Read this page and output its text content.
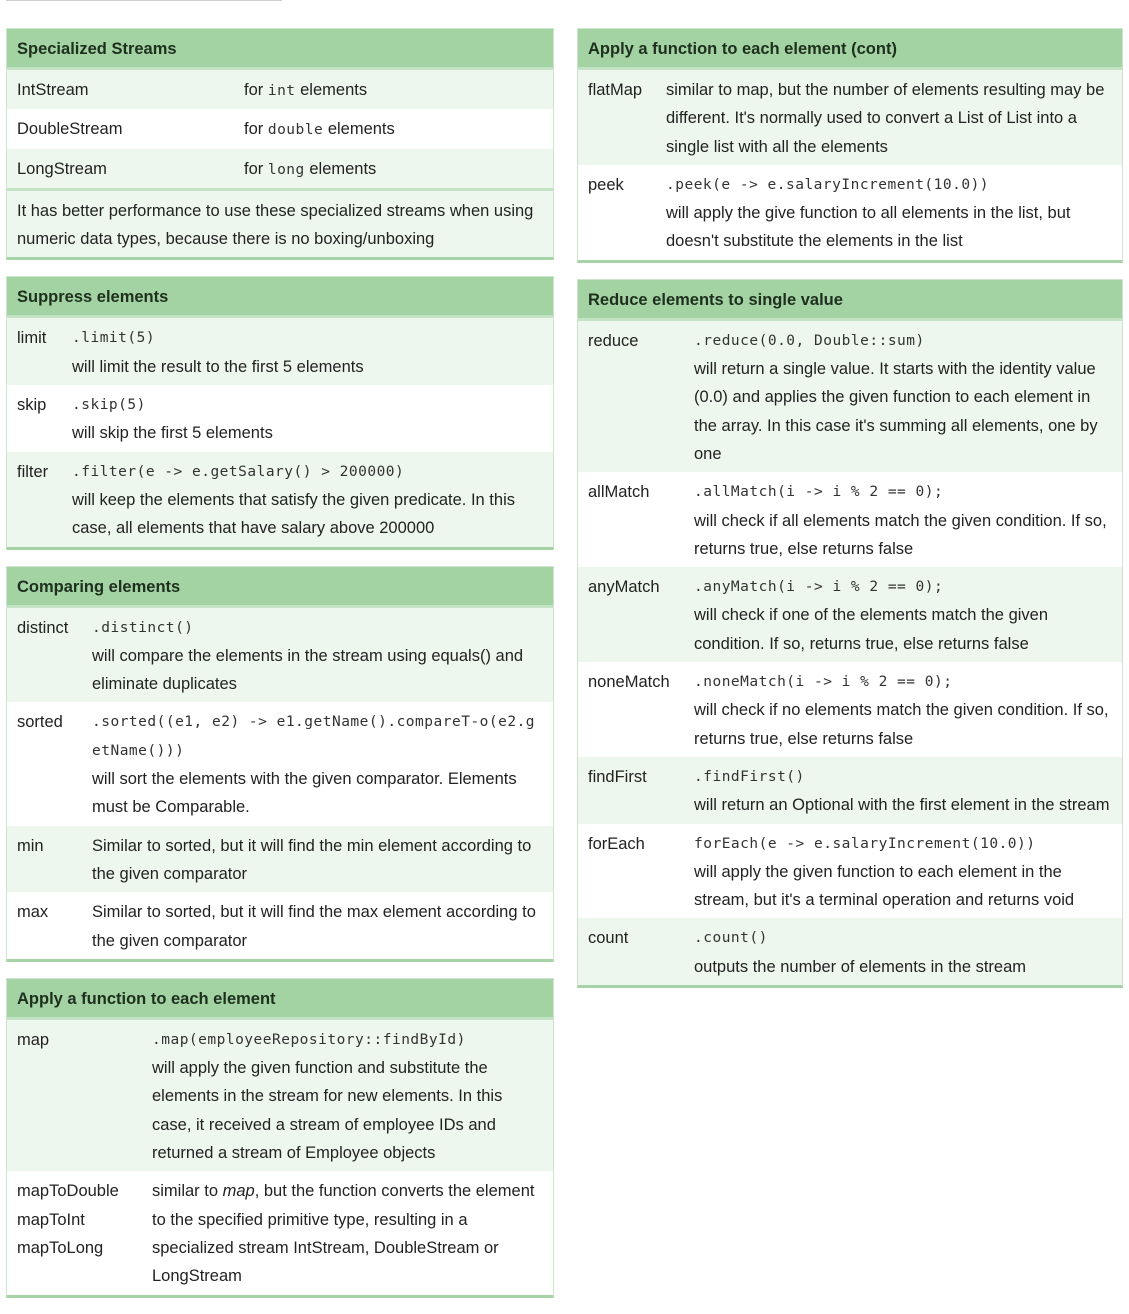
Specialized Streams
IntStream	for int elements
DoubleStream	for double elements
LongStream	for long elements
It has better performance to use these specialized streams when using numeric data types, because there is no boxing/unboxing
Suppress elements
limit	.limit(5)
will limit the result to the first 5 elements

skip	.skip(5)
will skip the first 5 elements

filter	.filter(e -> e.getSalary() > 200000)
will keep the elements that satisfy the given predicate. In this case, all elements that have salary above 200000
Comparing elements
distinct	.distinct()
will compare the elements in the stream using equals() and eliminate duplicates

sorted	.sorted((e1, e2) -> e1.getName().compareT-o(e2.getName()))
will sort the elements with the given comparator. Elements must be Comparable.

min	Similar to sorted, but it will find the min element according to the given comparator

max	Similar to sorted, but it will find the max element according to the given comparator
Apply a function to each element
map	.map(employeeRepository::findById)
will apply the given function and substitute the elements in the stream for new elements. In this case, it received a stream of employee IDs and returned a stream of Employee objects

mapToDouble
mapToInt
mapToLong	similar to map, but the function converts the element to the specified primitive type, resulting in a specialized stream IntStream, DoubleStream or LongStream
Apply a function to each element (cont)
flatMap	similar to map, but the number of elements resulting may be different. It's normally used to convert a List of List into a single list with all the elements

peek	.peek(e -> e.salaryIncrement(10.0))
will apply the give function to all elements in the list, but doesn't substitute the elements in the list
Reduce elements to single value
reduce	.reduce(0.0, Double::sum)
will return a single value. It starts with the identity value (0.0) and applies the given function to each element in the array. In this case it's summing all elements, one by one

allMatch	.allMatch(i -> i % 2 == 0);
will check if all elements match the given condition. If so, returns true, else returns false

anyMatch	.anyMatch(i -> i % 2 == 0);
will check if one of the elements match the given condition. If so, returns true, else returns false

noneMatch	.noneMatch(i -> i % 2 == 0);
will check if no elements match the given condition. If so, returns true, else returns false

findFirst	.findFirst()
will return an Optional with the first element in the stream

forEach	forEach(e -> e.salaryIncrement(10.0))
will apply the given function to each element in the stream, but it's a terminal operation and returns void

count	.count()
outputs the number of elements in the stream
